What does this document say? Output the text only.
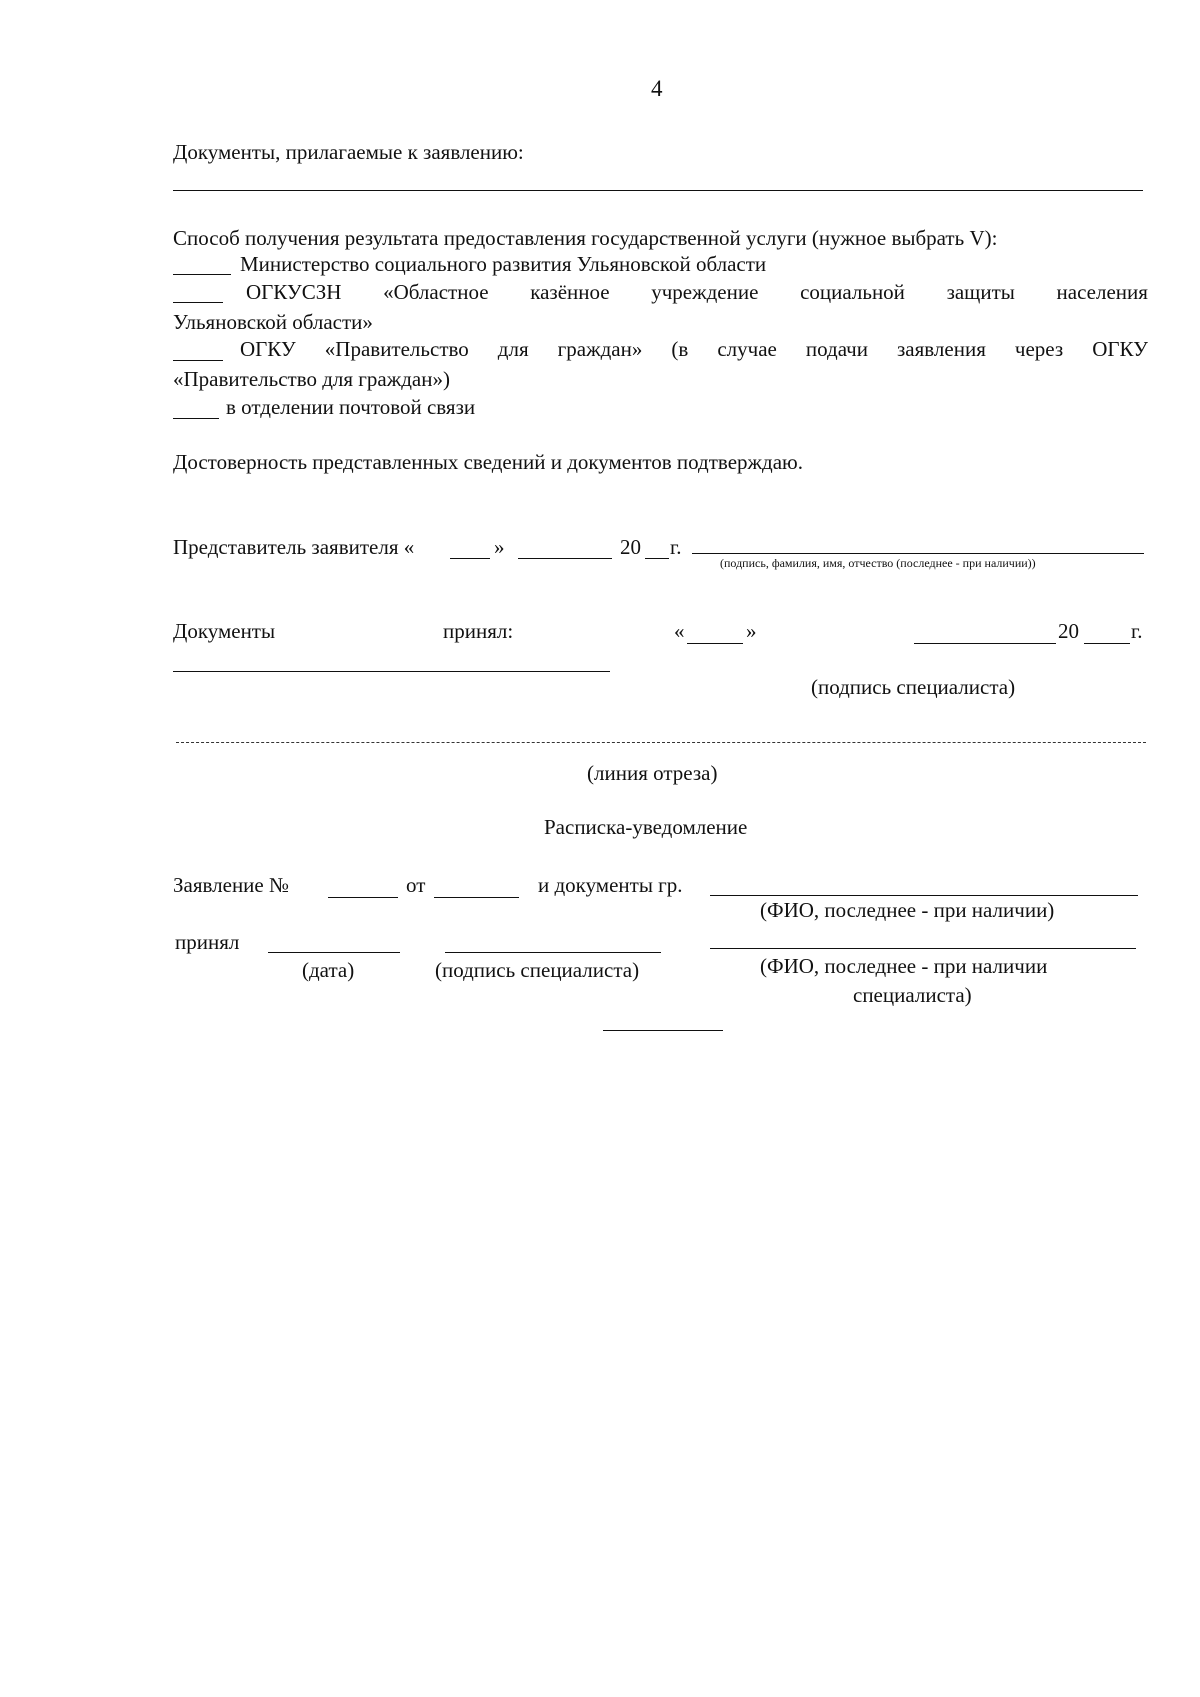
4
Документы, прилагаемые к заявлению:
Способ получения результата предоставления государственной услуги (нужное выбрать V):
Министерство социального развития Ульяновской области
ОГКУСЗН «Областное казённое учреждение социальной защиты населения
Ульяновской области»
ОГКУ «Правительство для граждан» (в случае подачи заявления через ОГКУ
«Правительство для граждан»)
в отделении почтовой связи
Достоверность представленных сведений и документов подтверждаю.
Представитель заявителя «	»	20 г.
(подпись, фамилия, имя, отчество (последнее - при наличии))
Документы	принял:	«	»	20 г.
(подпись специалиста)
(линия отреза)
Расписка-уведомление
Заявление №	от	и документы гр.
(ФИО, последнее - при наличии)
принял
(дата)	(подпись специалиста)	(ФИО, последнее - при наличии
специалиста)
